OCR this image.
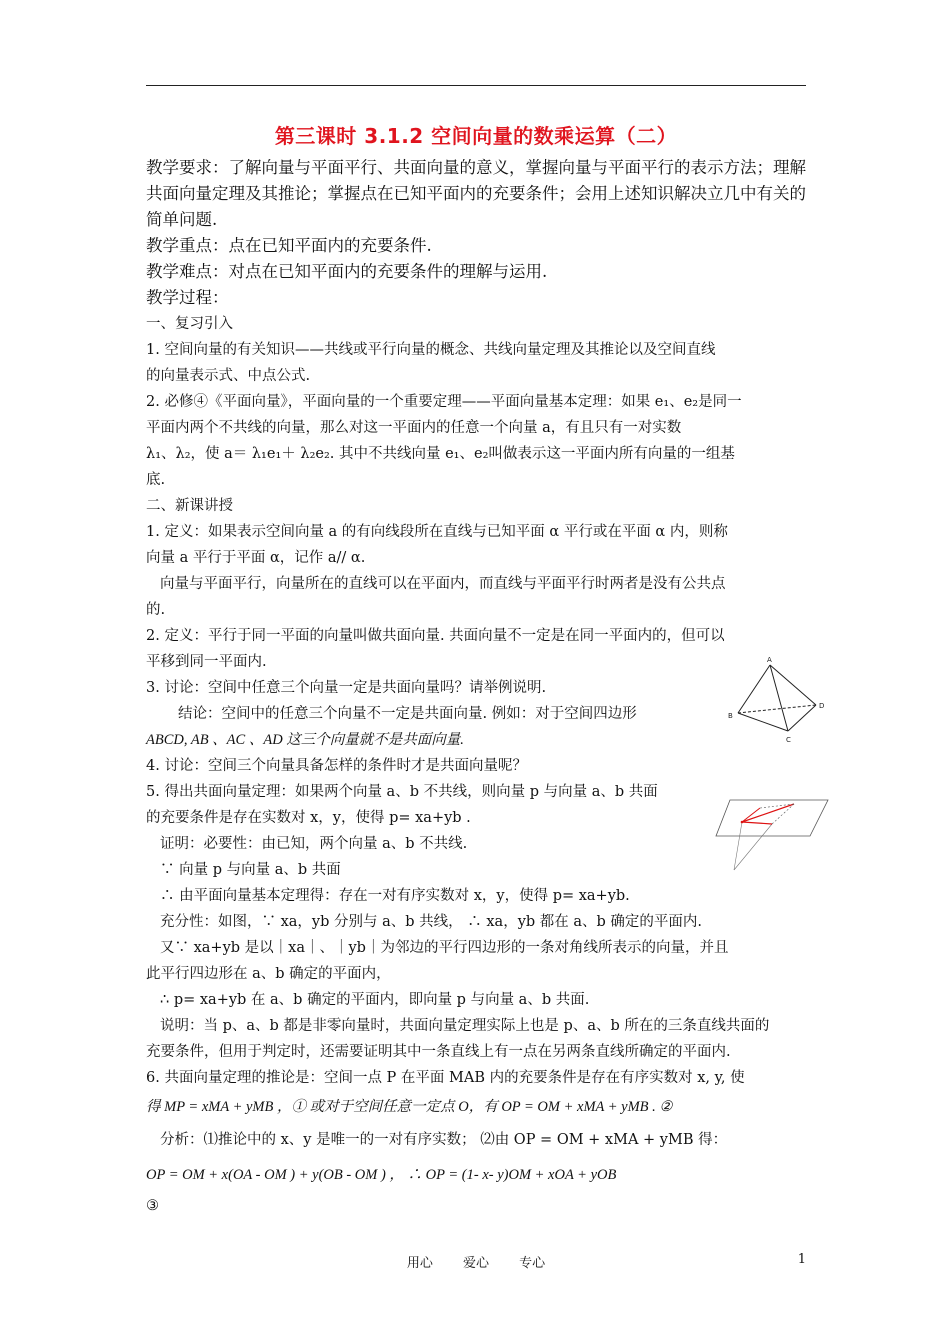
第三课时 3.1.2 空间向量的数乘运算（二）

教学要求：了解向量与平面平行、共面向量的意义，掌握向量与平面平行的表示方法；理解

共面向量定理及其推论；掌握点在已知平面内的充要条件；会用上述知识解决立几中有关的

简单问题.

教学重点：点在已知平面内的充要条件.

教学难点：对点在已知平面内的充要条件的理解与运用.

教学过程：

一、复习引入

1. 空间向量的有关知识——共线或平行向量的概念、共线向量定理及其推论以及空间直线

的向量表示式、中点公式.

2. 必修④《平面向量》，平面向量的一个重要定理——平面向量基本定理：如果 e₁、e₂是同一

平面内两个不共线的向量，那么对这一平面内的任意一个向量 a，有且只有一对实数

λ₁、λ₂，使 a＝ λ₁e₁＋ λ₂e₂. 其中不共线向量 e₁、e₂叫做表示这一平面内所有向量的一组基

底.

二、新课讲授

1. 定义：如果表示空间向量 a 的有向线段所在直线与已知平面 α 平行或在平面 α 内，则称

向量 a 平行于平面 α，记作 a// α.

向量与平面平行，向量所在的直线可以在平面内，而直线与平面平行时两者是没有公共点

的.

2. 定义：平行于同一平面的向量叫做共面向量. 共面向量不一定是在同一平面内的，但可以

平移到同一平面内.

3. 讨论：空间中任意三个向量一定是共面向量吗？请举例说明.

结论：空间中的任意三个向量不一定是共面向量. 例如：对于空间四边形

ABCD, AB 、AC 、AD 这三个向量就不是共面向量.

4. 讨论：空间三个向量具备怎样的条件时才是共面向量呢？

5. 得出共面向量定理：如果两个向量 a、b 不共线，则向量 p 与向量 a、b 共面

的充要条件是存在实数对 x，y，使得 p= xa+yb .

证明：必要性：由已知，两个向量 a、b 不共线.

∵ 向量 p 与向量 a、b 共面

∴ 由平面向量基本定理得：存在一对有序实数对 x，y，使得 p= xa+yb.

充分性：如图，∵ xa，yb 分别与 a、b 共线， ∴ xa，yb 都在 a、b 确定的平面内.

又∵ xa+yb 是以｜xa｜、｜yb｜为邻边的平行四边形的一条对角线所表示的向量，并且

此平行四边形在 a、b 确定的平面内，

∴ p= xa+yb 在 a、b 确定的平面内，即向量 p 与向量 a、b 共面.

说明：当 p、a、b 都是非零向量时，共面向量定理实际上也是 p、a、b 所在的三条直线共面的

充要条件，但用于判定时，还需要证明其中一条直线上有一点在另两条直线所确定的平面内.

6. 共面向量定理的推论是：空间一点 P 在平面 MAB 内的充要条件是存在有序实数对 x, y, 使

得 MP = xMA + yMB ，① 或对于空间任意一定点 O，有 OP = OM + xMA + yMB . ②

分析：⑴推论中的 x、y 是唯一的一对有序实数； ⑵由 OP = OM + xMA + yMB 得：

OP = OM + x(OA - OM ) + y(OB - OM ) ， ∴ OP = (1- x- y)OM + xOA + yOB

③

A
B
C
D
用心 爱心 专心	1
